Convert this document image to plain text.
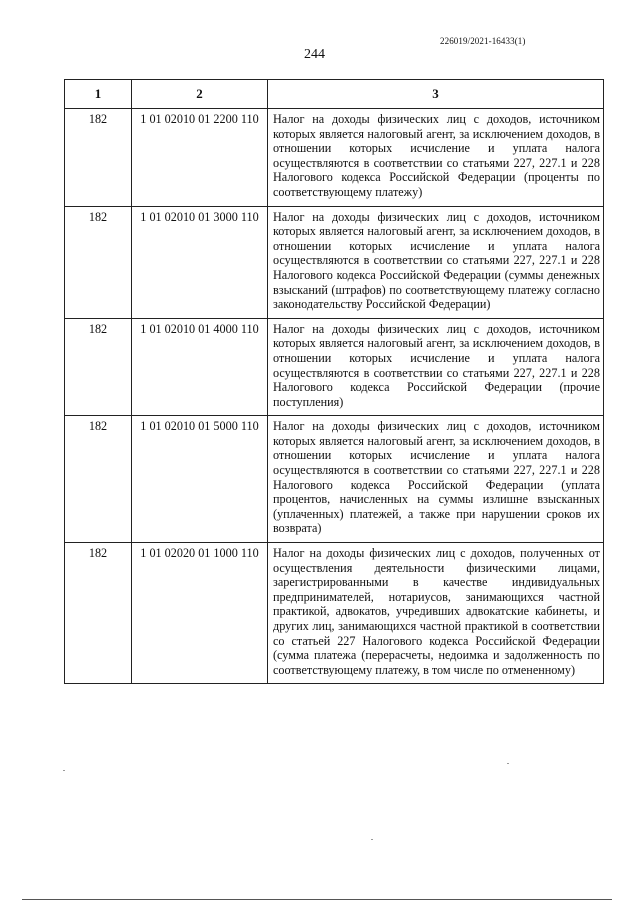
226019/2021-16433(1)
244
1	2	3
182	1 01 02010 01 2200 110	Налог на доходы физических лиц с доходов, источником которых является налоговый агент, за исключением доходов, в отношении которых исчисление и уплата налога осуществляются в соответствии со статьями 227, 227.1 и 228 Налогового кодекса Российской Федерации (проценты по соответствующему платежу)
182	1 01 02010 01 3000 110	Налог на доходы физических лиц с доходов, источником которых является налоговый агент, за исключением доходов, в отношении которых исчисление и уплата налога осуществляются в соответствии со статьями 227, 227.1 и 228 Налогового кодекса Российской Федерации (суммы денежных взысканий (штрафов) по соответствующему платежу согласно законодательству Российской Федерации)
182	1 01 02010 01 4000 110	Налог на доходы физических лиц с доходов, источником которых является налоговый агент, за исключением доходов, в отношении которых исчисление и уплата налога осуществляются в соответствии со статьями 227, 227.1 и 228 Налогового кодекса Российской Федерации (прочие поступления)
182	1 01 02010 01 5000 110	Налог на доходы физических лиц с доходов, источником которых является налоговый агент, за исключением доходов, в отношении которых исчисление и уплата налога осуществляются в соответствии со статьями 227, 227.1 и 228 Налогового кодекса Российской Федерации (уплата процентов, начисленных на суммы излишне взысканных (уплаченных) платежей, а также при нарушении сроков их возврата)
182	1 01 02020 01 1000 110	Налог на доходы физических лиц с доходов, полученных от осуществления деятельности физическими лицами, зарегистрированными в качестве индивидуальных предпринимателей, нотариусов, занимающихся частной практикой, адвокатов, учредивших адвокатские кабинеты, и других лиц, занимающихся частной практикой в соответствии со статьей 227 Налогового кодекса Российской Федерации (сумма платежа (перерасчеты, недоимка и задолженность по соответствующему платежу, в том числе по отмененному)
